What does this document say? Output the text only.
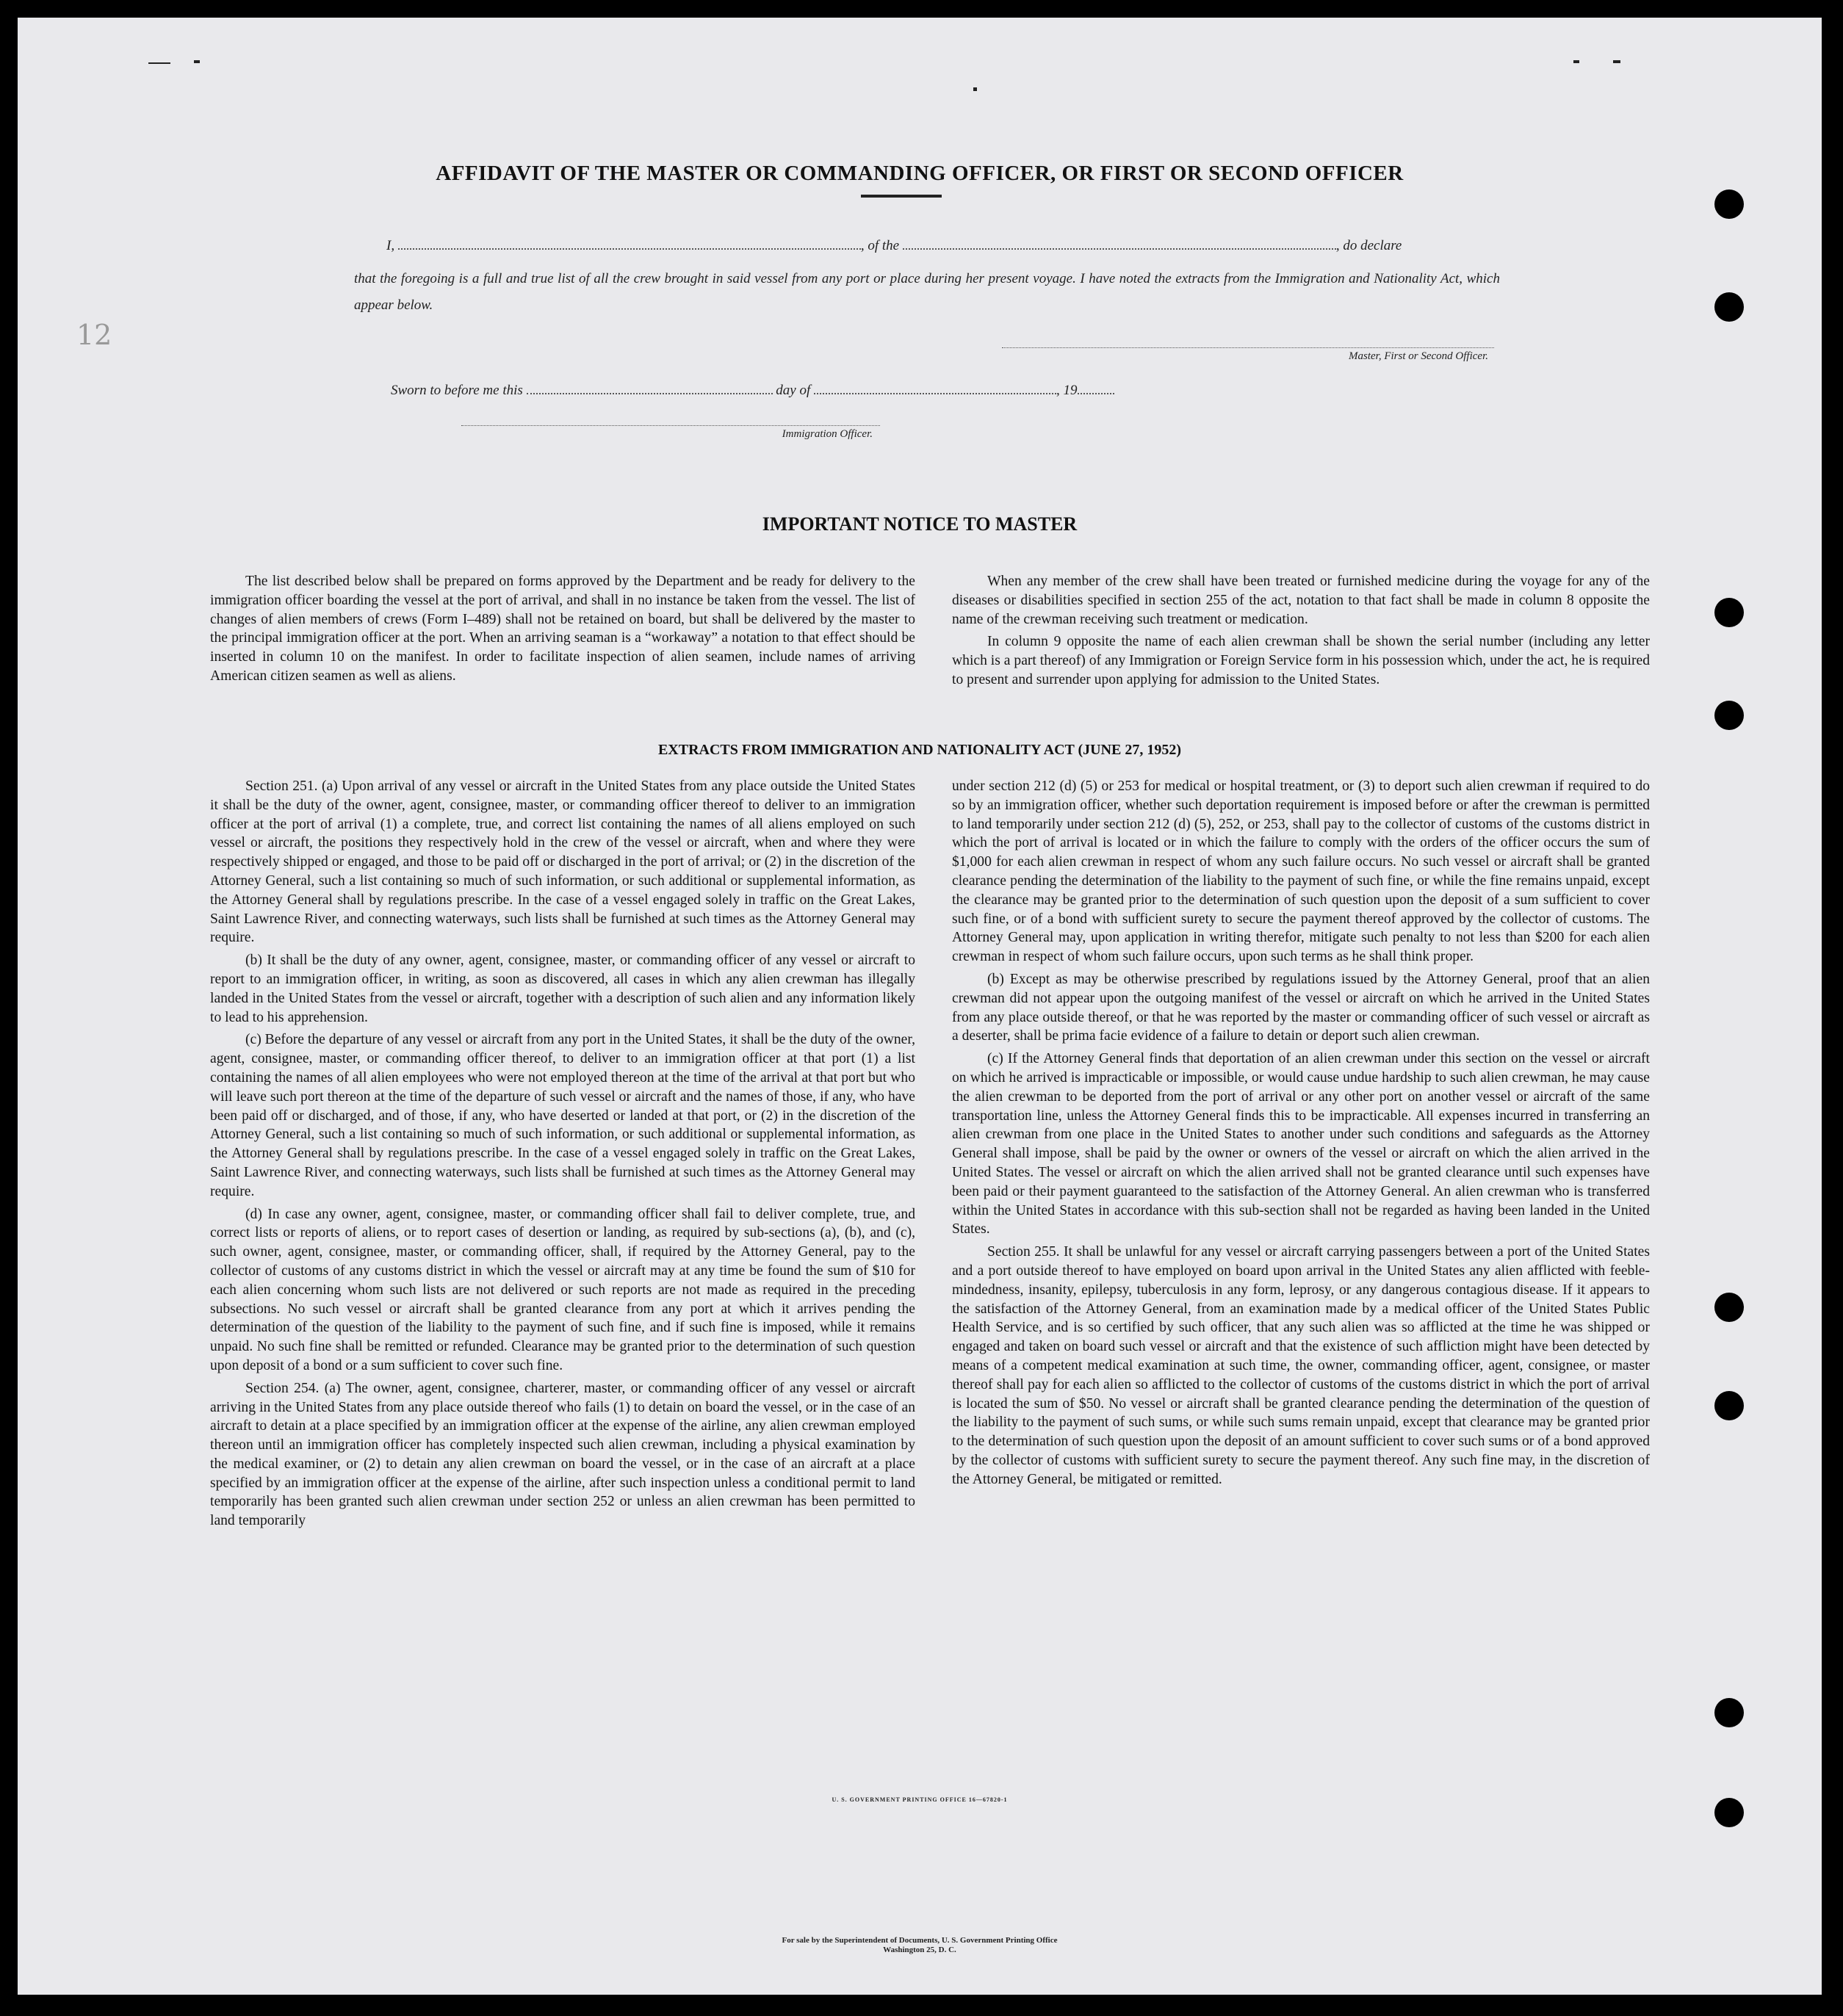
12
AFFIDAVIT OF THE MASTER OR COMMANDING OFFICER, OR FIRST OR SECOND OFFICER
I,	, of the	, do declare
that the foregoing is a full and true list of all the crew brought in said vessel from any port or place during her present voyage. I have noted the extracts from the Immigration and Nationality Act, which appear below.
Master, First or Second Officer.
Sworn to before me this	day of	, 19
Immigration Officer.
IMPORTANT NOTICE TO MASTER

The list described below shall be prepared on forms approved by the Department and be ready for delivery to the immigration officer boarding the vessel at the port of arrival, and shall in no instance be taken from the vessel. The list of changes of alien members of crews (Form I–489) shall not be retained on board, but shall be delivered by the master to the principal immigration officer at the port. When an arriving seaman is a “workaway” a notation to that effect should be inserted in column 10 on the manifest. In order to facilitate inspection of alien seamen, include names of arriving American citizen seamen as well as aliens.

When any member of the crew shall have been treated or furnished medicine during the voyage for any of the diseases or disabilities specified in section 255 of the act, notation to that fact shall be made in column 8 opposite the name of the crewman receiving such treatment or medication.

In column 9 opposite the name of each alien crewman shall be shown the serial number (including any letter which is a part thereof) of any Immigration or Foreign Service form in his possession which, under the act, he is required to present and surrender upon applying for admission to the United States.

EXTRACTS FROM IMMIGRATION AND NATIONALITY ACT (JUNE 27, 1952)

Section 251. (a) Upon arrival of any vessel or aircraft in the United States from any place outside the United States it shall be the duty of the owner, agent, consignee, master, or commanding officer thereof to deliver to an immigration officer at the port of arrival (1) a complete, true, and correct list containing the names of all aliens employed on such vessel or aircraft, the positions they respectively hold in the crew of the vessel or aircraft, when and where they were respectively shipped or engaged, and those to be paid off or discharged in the port of arrival; or (2) in the discretion of the Attorney General, such a list containing so much of such information, or such additional or supplemental information, as the Attorney General shall by regulations prescribe. In the case of a vessel engaged solely in traffic on the Great Lakes, Saint Lawrence River, and connecting waterways, such lists shall be furnished at such times as the Attorney General may require.

(b) It shall be the duty of any owner, agent, consignee, master, or commanding officer of any vessel or aircraft to report to an immigration officer, in writing, as soon as discovered, all cases in which any alien crewman has illegally landed in the United States from the vessel or aircraft, together with a description of such alien and any information likely to lead to his apprehension.

(c) Before the departure of any vessel or aircraft from any port in the United States, it shall be the duty of the owner, agent, consignee, master, or commanding officer thereof, to deliver to an immigration officer at that port (1) a list containing the names of all alien employees who were not employed thereon at the time of the arrival at that port but who will leave such port thereon at the time of the departure of such vessel or aircraft and the names of those, if any, who have been paid off or discharged, and of those, if any, who have deserted or landed at that port, or (2) in the discretion of the Attorney General, such a list containing so much of such information, or such additional or supplemental information, as the Attorney General shall by regulations prescribe. In the case of a vessel engaged solely in traffic on the Great Lakes, Saint Lawrence River, and connecting waterways, such lists shall be furnished at such times as the Attorney General may require.

(d) In case any owner, agent, consignee, master, or commanding officer shall fail to deliver complete, true, and correct lists or reports of aliens, or to report cases of desertion or landing, as required by sub-sections (a), (b), and (c), such owner, agent, consignee, master, or commanding officer, shall, if required by the Attorney General, pay to the collector of customs of any customs district in which the vessel or aircraft may at any time be found the sum of $10 for each alien concerning whom such lists are not delivered or such reports are not made as required in the preceding subsections. No such vessel or aircraft shall be granted clearance from any port at which it arrives pending the determination of the question of the liability to the payment of such fine, and if such fine is imposed, while it remains unpaid. No such fine shall be remitted or refunded. Clearance may be granted prior to the determination of such question upon deposit of a bond or a sum sufficient to cover such fine.

Section 254. (a) The owner, agent, consignee, charterer, master, or commanding officer of any vessel or aircraft arriving in the United States from any place outside thereof who fails (1) to detain on board the vessel, or in the case of an aircraft to detain at a place specified by an immigration officer at the expense of the airline, any alien crewman employed thereon until an immigration officer has completely inspected such alien crewman, including a physical examination by the medical examiner, or (2) to detain any alien crewman on board the vessel, or in the case of an aircraft at a place specified by an immigration officer at the expense of the airline, after such inspection unless a conditional permit to land temporarily has been granted such alien crewman under section 252 or unless an alien crewman has been permitted to land temporarily

under section 212 (d) (5) or 253 for medical or hospital treatment, or (3) to deport such alien crewman if required to do so by an immigration officer, whether such deportation requirement is imposed before or after the crewman is permitted to land temporarily under section 212 (d) (5), 252, or 253, shall pay to the collector of customs of the customs district in which the port of arrival is located or in which the failure to comply with the orders of the officer occurs the sum of $1,000 for each alien crewman in respect of whom any such failure occurs. No such vessel or aircraft shall be granted clearance pending the determination of the liability to the payment of such fine, or while the fine remains unpaid, except the clearance may be granted prior to the determination of such question upon the deposit of a sum sufficient to cover such fine, or of a bond with sufficient surety to secure the payment thereof approved by the collector of customs. The Attorney General may, upon application in writing therefor, mitigate such penalty to not less than $200 for each alien crewman in respect of whom such failure occurs, upon such terms as he shall think proper.

(b) Except as may be otherwise prescribed by regulations issued by the Attorney General, proof that an alien crewman did not appear upon the outgoing manifest of the vessel or aircraft on which he arrived in the United States from any place outside thereof, or that he was reported by the master or commanding officer of such vessel or aircraft as a deserter, shall be prima facie evidence of a failure to detain or deport such alien crewman.

(c) If the Attorney General finds that deportation of an alien crewman under this section on the vessel or aircraft on which he arrived is impracticable or impossible, or would cause undue hardship to such alien crewman, he may cause the alien crewman to be deported from the port of arrival or any other port on another vessel or aircraft of the same transportation line, unless the Attorney General finds this to be impracticable. All expenses incurred in transferring an alien crewman from one place in the United States to another under such conditions and safeguards as the Attorney General shall impose, shall be paid by the owner or owners of the vessel or aircraft on which the alien arrived in the United States. The vessel or aircraft on which the alien arrived shall not be granted clearance until such expenses have been paid or their payment guaranteed to the satisfaction of the Attorney General. An alien crewman who is transferred within the United States in accordance with this sub-section shall not be regarded as having been landed in the United States.

Section 255. It shall be unlawful for any vessel or aircraft carrying passengers between a port of the United States and a port outside thereof to have employed on board upon arrival in the United States any alien afflicted with feeble-mindedness, insanity, epilepsy, tuberculosis in any form, leprosy, or any dangerous contagious disease. If it appears to the satisfaction of the Attorney General, from an examination made by a medical officer of the United States Public Health Service, and is so certified by such officer, that any such alien was so afflicted at the time he was shipped or engaged and taken on board such vessel or aircraft and that the existence of such affliction might have been detected by means of a competent medical examination at such time, the owner, commanding officer, agent, consignee, or master thereof shall pay for each alien so afflicted to the collector of customs of the customs district in which the port of arrival is located the sum of $50. No vessel or aircraft shall be granted clearance pending the determination of the question of the liability to the payment of such sums, or while such sums remain unpaid, except that clearance may be granted prior to the determination of such question upon the deposit of an amount sufficient to cover such sums or of a bond approved by the collector of customs with sufficient surety to secure the payment thereof. Any such fine may, in the discretion of the Attorney General, be mitigated or remitted.

U. S. GOVERNMENT PRINTING OFFICE 16—67820-1
For sale by the Superintendent of Documents, U. S. Government Printing Office
Washington 25, D. C.
